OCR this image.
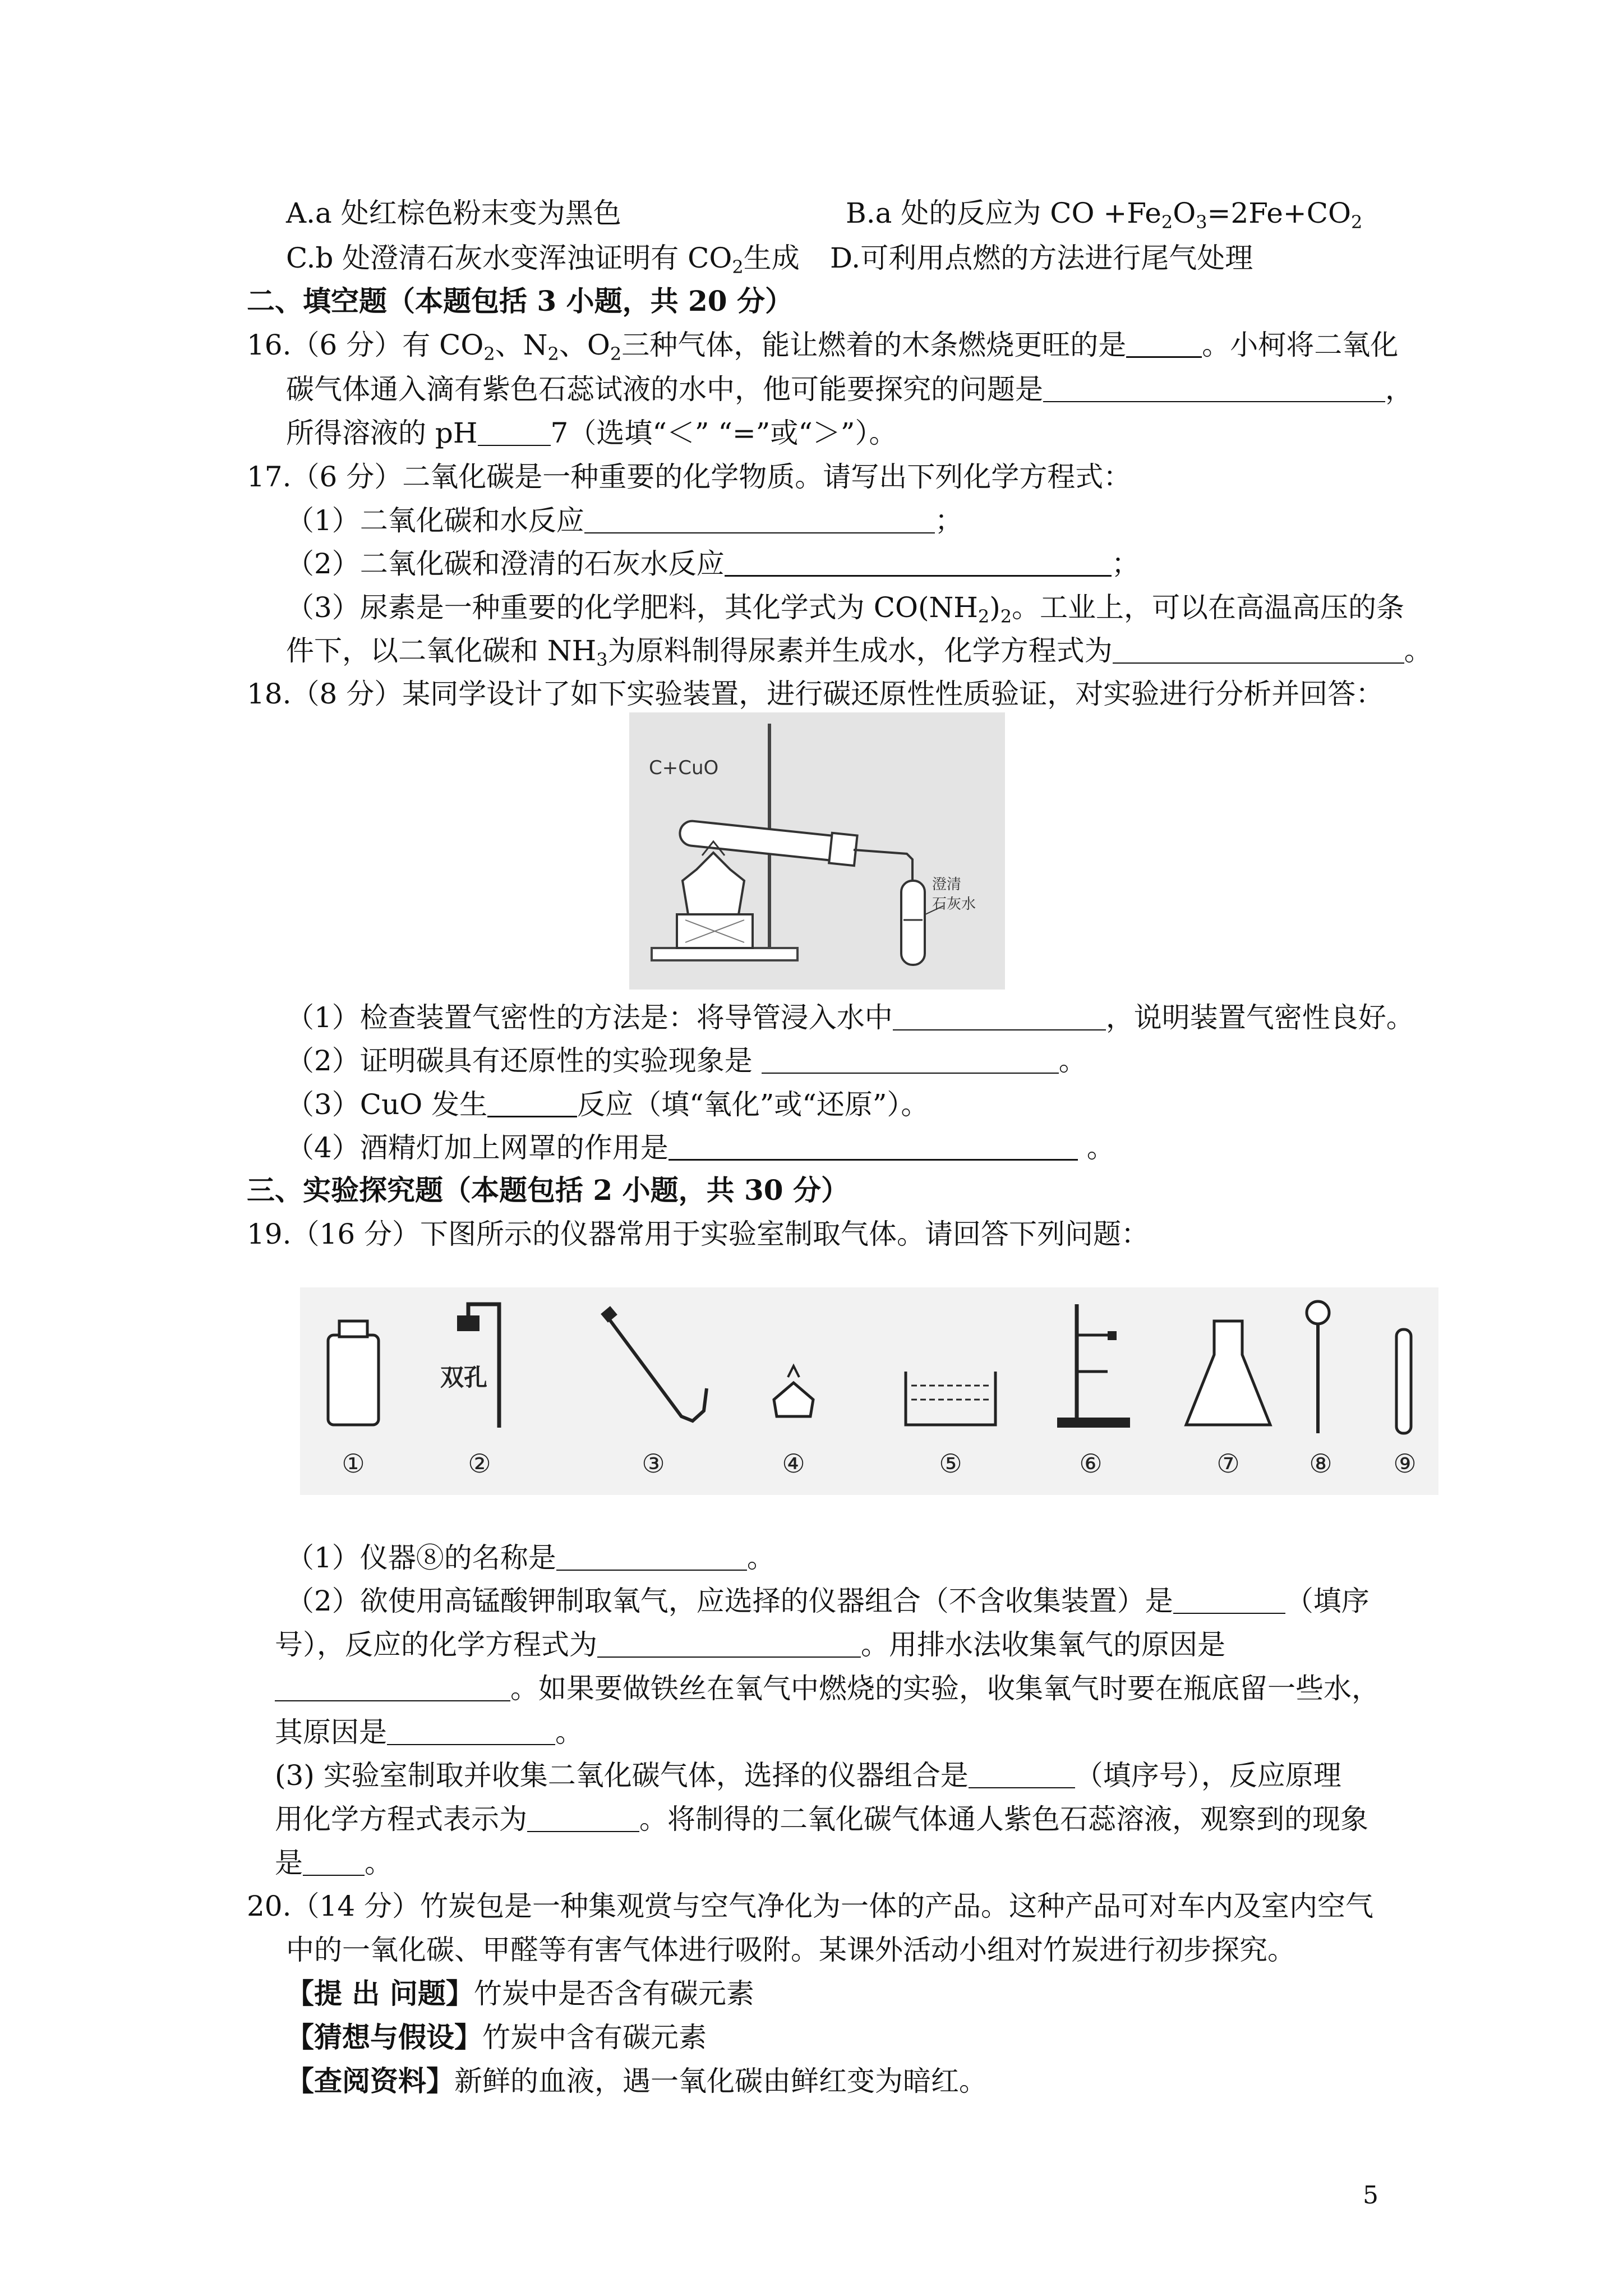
A.a 处红棕色粉末变为黑色	B.a 处的反应为 CO $+Fe_2O_3=2Fe+CO_2$
C.b 处澄清石灰水变浑浊证明有 $CO_2$生成 D.可利用点燃的方法进行尾气处理
二、填空题（本题包括 3 小题，共 20 分）
16.（6 分）有 $CO_2$、$N_2$、$O_2$三种气体，能让燃着的木条燃烧更旺的是	。小柯将二氧化
碳气体通入滴有紫色石蕊试液的水中，他可能要探究的问题是	，
所得溶液的 pH	7（选填“＜” “=”或“＞”）。
17.（6 分）二氧化碳是一种重要的化学物质。请写出下列化学方程式：
（1）二氧化碳和水反应	；
（2）二氧化碳和澄清的石灰水反应	；
（3）尿素是一种重要的化学肥料，其化学式为 $CO(NH_2)_2$。工业上，可以在高温高压的条
件下，以二氧化碳和 $NH_3$为原料制得尿素并生成水，化学方程式为	。
18.（8 分）某同学设计了如下实验装置，进行碳还原性性质验证，对实验进行分析并回答：
C+CuO
澄清
石灰水
（1）检查装置气密性的方法是：将导管浸入水中	，说明装置气密性良好。
（2）证明碳具有还原性的实验现象是	。
（3）CuO 发生	反应（填“氧化”或“还原”）。
（4）酒精灯加上网罩的作用是	。
三、实验探究题（本题包括 2 小题，共 30 分）
19.（16 分）下图所示的仪器常用于实验室制取气体。请回答下列问题：
双孔
①	②	③	④	⑤	⑥	⑦	⑧ ⑨
（1）仪器⑧的名称是	。
（2）欲使用高锰酸钾制取氧气，应选择的仪器组合（不含收集装置）是	（填序
号），反应的化学方程式为	。用排水法收集氧气的原因是
。如果要做铁丝在氧气中燃烧的实验，收集氧气时要在瓶底留一些水，
其原因是	。
(3) 实验室制取并收集二氧化碳气体，选择的仪器组合是	（填序号），反应原理
用化学方程式表示为	。将制得的二氧化碳气体通人紫色石蕊溶液，观察到的现象
是 。
20.（14 分）竹炭包是一种集观赏与空气净化为一体的产品。这种产品可对车内及室内空气
中的一氧化碳、甲醛等有害气体进行吸附。某课外活动小组对竹炭进行初步探究。
【提 出 问题】竹炭中是否含有碳元素
【猜想与假设】竹炭中含有碳元素
【查阅资料】新鲜的血液，遇一氧化碳由鲜红变为暗红。
5
